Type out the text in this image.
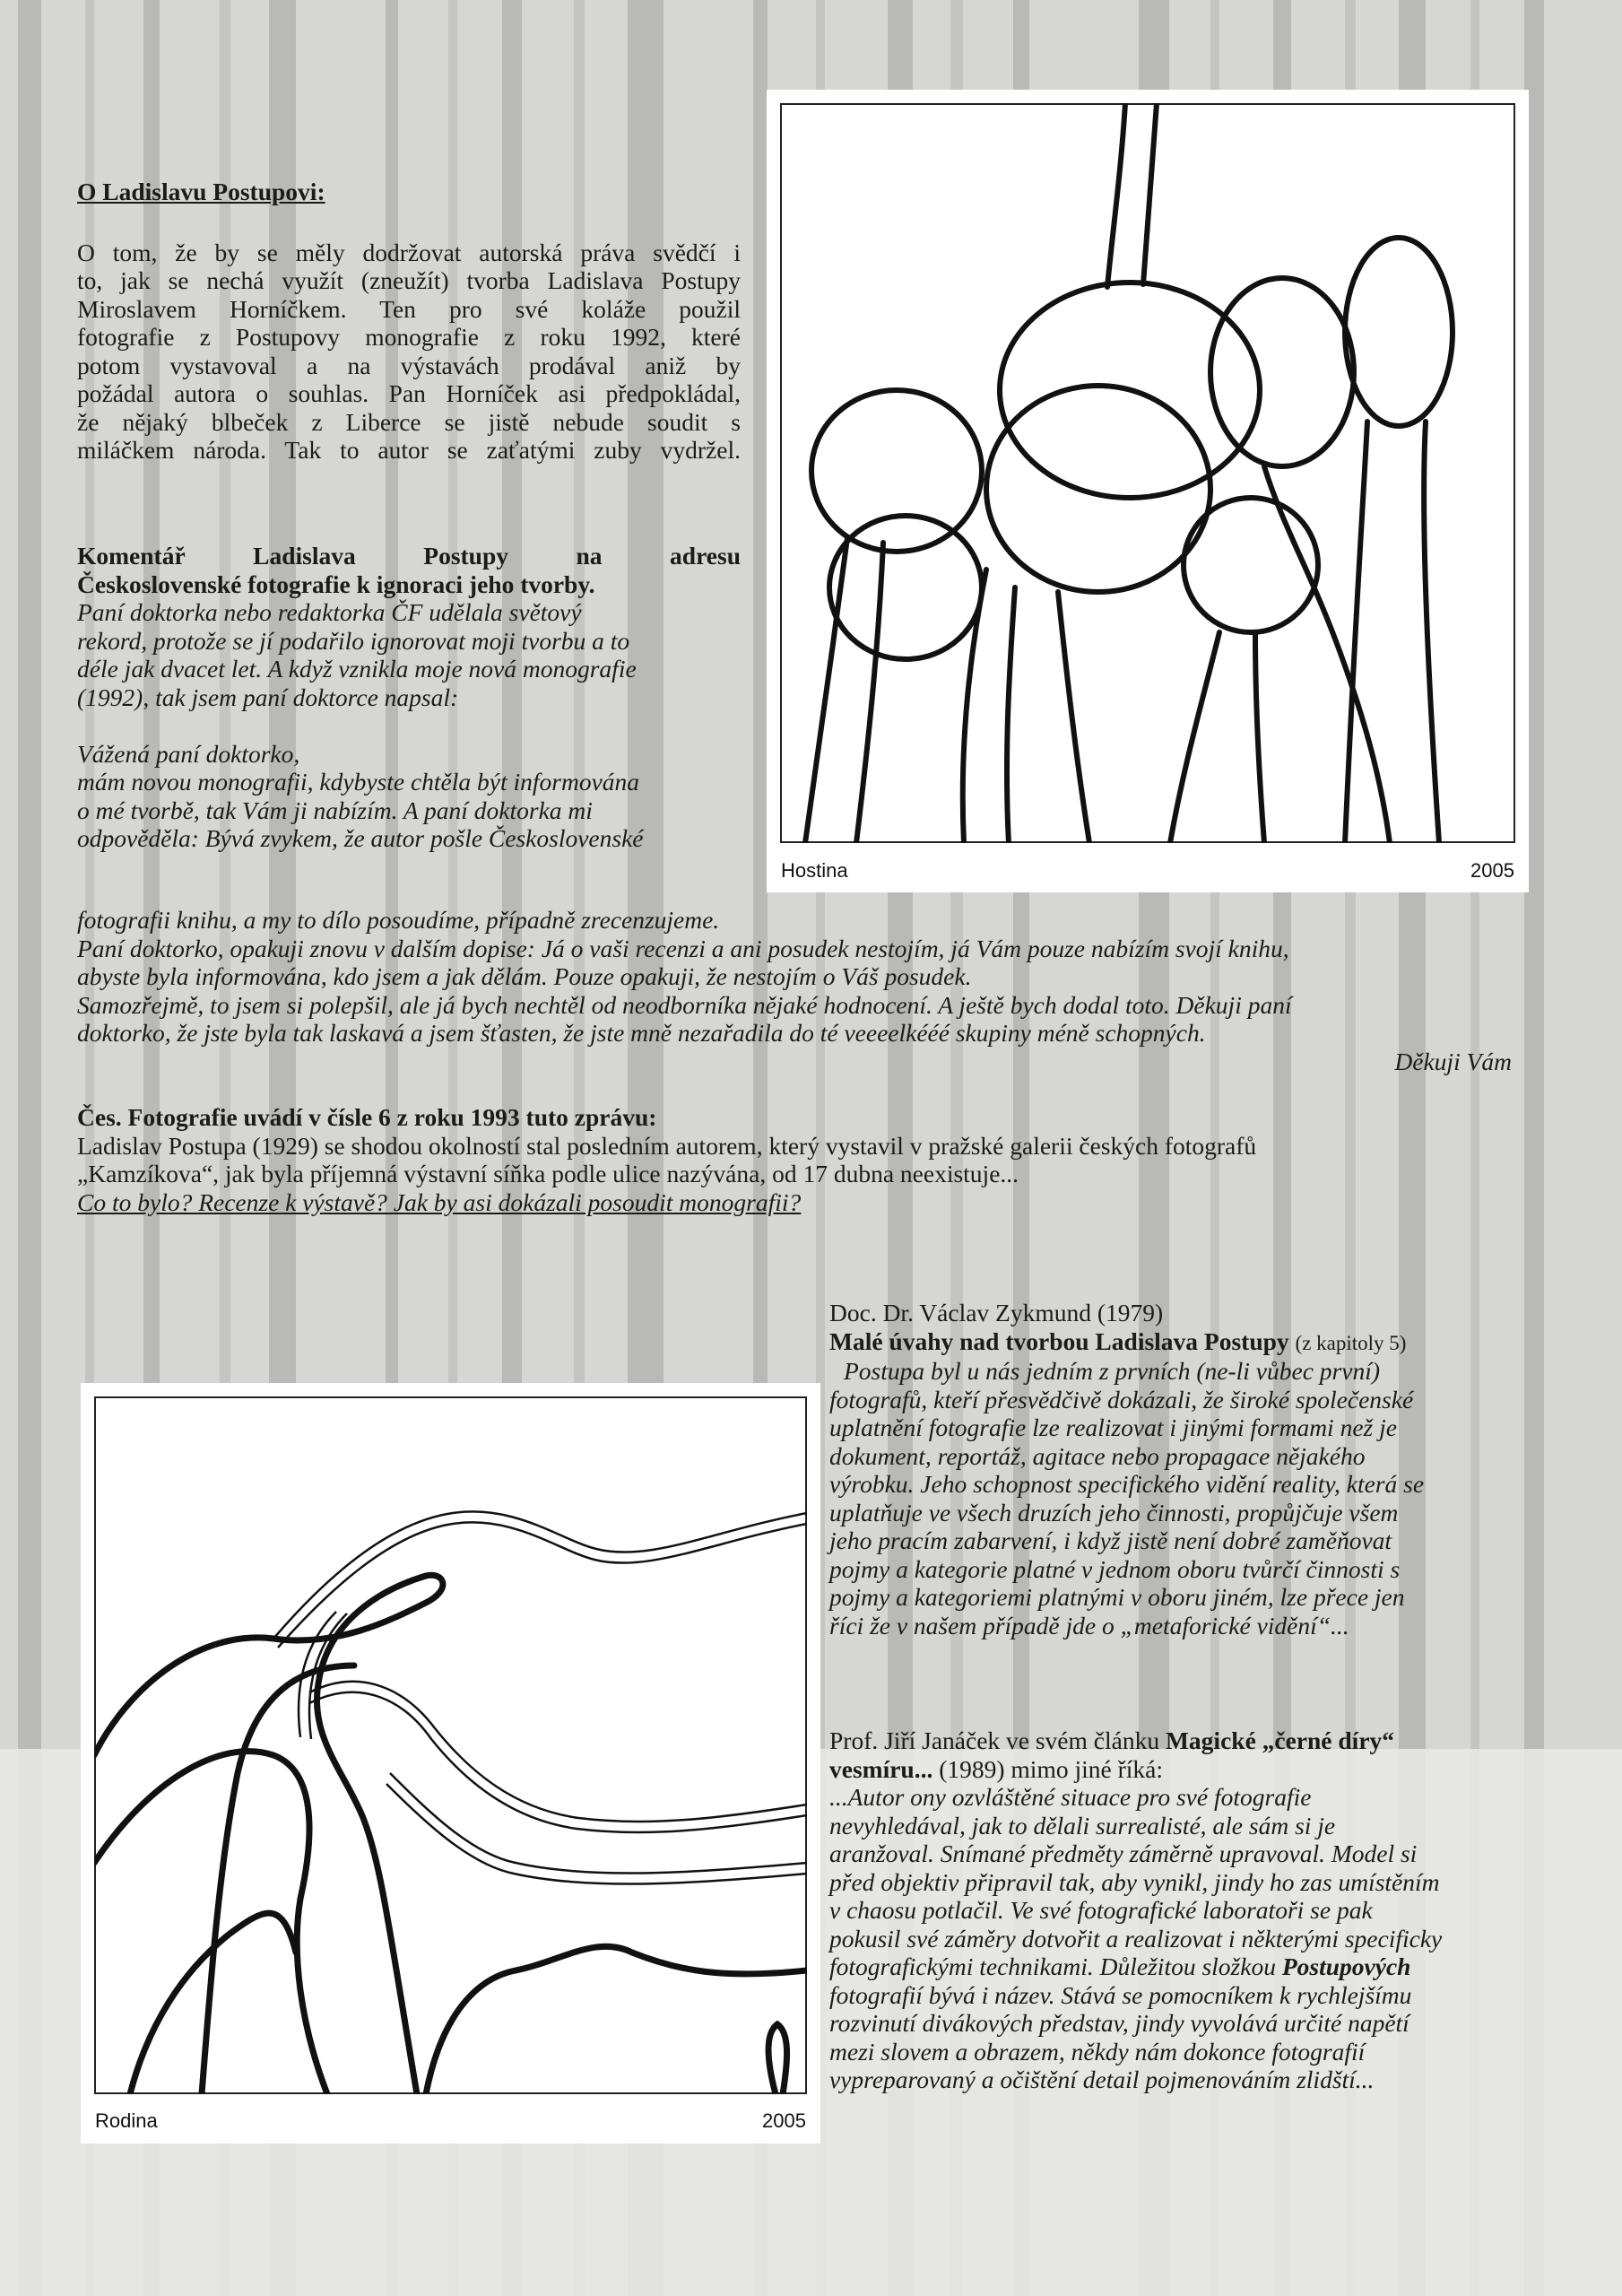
O Ladislavu Postupovi:

O tom, že by se měly dodržovat autorská práva svědčí i
to, jak se nechá využít (zneužít) tvorba Ladislava Postupy
Miroslavem Horníčkem. Ten pro své koláže použil
fotografie z Postupovy monografie z roku 1992, které
potom vystavoval a na výstavách prodával aniž by
požádal autora o souhlas. Pan Horníček asi předpokládal,
že nějaký blbeček z Liberce se jistě nebude soudit s
miláčkem národa. Tak to autor se zaťatými zuby vydržel.
Komentář Ladislava Postupy na adresu
Československé fotografie k ignoraci jeho tvorby.
Paní doktorka nebo redaktorka ČF udělala světový
rekord, protože se jí podařilo ignorovat moji tvorbu a to
déle jak dvacet let. A když vznikla moje nová monografie
(1992), tak jsem paní doktorce napsal:
Vážená paní doktorko,
mám novou monografii, kdybyste chtěla být informována
o mé tvorbě, tak Vám ji nabízím. A paní doktorka mi
odpověděla: Bývá zvykem, že autor pošle Československé
fotografii knihu, a my to dílo posoudíme, případně zrecenzujeme.
Paní doktorko, opakuji znovu v dalším dopise: Já o vaši recenzi a ani posudek nestojím, já Vám pouze nabízím svojí knihu,
abyste byla informována, kdo jsem a jak dělám. Pouze opakuji, že nestojím o Váš posudek.
Samozřejmě, to jsem si polepšil, ale já bych nechtěl od neodborníka nějaké hodnocení. A ještě bych dodal toto. Děkuji paní
doktorko, že jste byla tak laskavá a jsem šťasten, že jste mně nezařadila do té veeeelkééé skupiny méně schopných.
Děkuji Vám
Čes. Fotografie uvádí v čísle 6 z roku 1993 tuto zprávu:
Ladislav Postupa (1929) se shodou okolností stal posledním autorem, který vystavil v pražské galerii českých fotografů
„Kamzíkova“, jak byla příjemná výstavní síňka podle ulice nazývána, od 17 dubna neexistuje...
Co to bylo? Recenze k výstavě? Jak by asi dokázali posoudit monografii?
Hostina	2005
Rodina	2005
Doc. Dr. Václav Zykmund (1979)
Malé úvahy nad tvorbou Ladislava Postupy (z kapitoly 5)
Postupa byl u nás jedním z prvních (ne-li vůbec první)
fotografů, kteří přesvědčivě dokázali, že široké společenské
uplatnění fotografie lze realizovat i jinými formami než je
dokument, reportáž, agitace nebo propagace nějakého
výrobku. Jeho schopnost specifického vidění reality, která se
uplatňuje ve všech druzích jeho činnosti, propůjčuje všem
jeho pracím zabarvení, i když jistě není dobré zaměňovat
pojmy a kategorie platné v jednom oboru tvůrčí činnosti s
pojmy a kategoriemi platnými v oboru jiném, lze přece jen
říci že v našem případě jde o „metaforické vidění“...
Prof. Jiří Janáček ve svém článku Magické „černé díry“
vesmíru... (1989) mimo jiné říká:
...Autor ony ozvláštěné situace pro své fotografie
nevyhledával, jak to dělali surrealisté, ale sám si je
aranžoval. Snímané předměty záměrně upravoval. Model si
před objektiv připravil tak, aby vynikl, jindy ho zas umístěním
v chaosu potlačil. Ve své fotografické laboratoři se pak
pokusil své záměry dotvořit a realizovat i některými specificky
fotografickými technikami. Důležitou složkou Postupových
fotografií bývá i název. Stává se pomocníkem k rychlejšímu
rozvinutí divákových představ, jindy vyvolává určité napětí
mezi slovem a obrazem, někdy nám dokonce fotografií
vypreparovaný a očištění detail pojmenováním zlidští...
